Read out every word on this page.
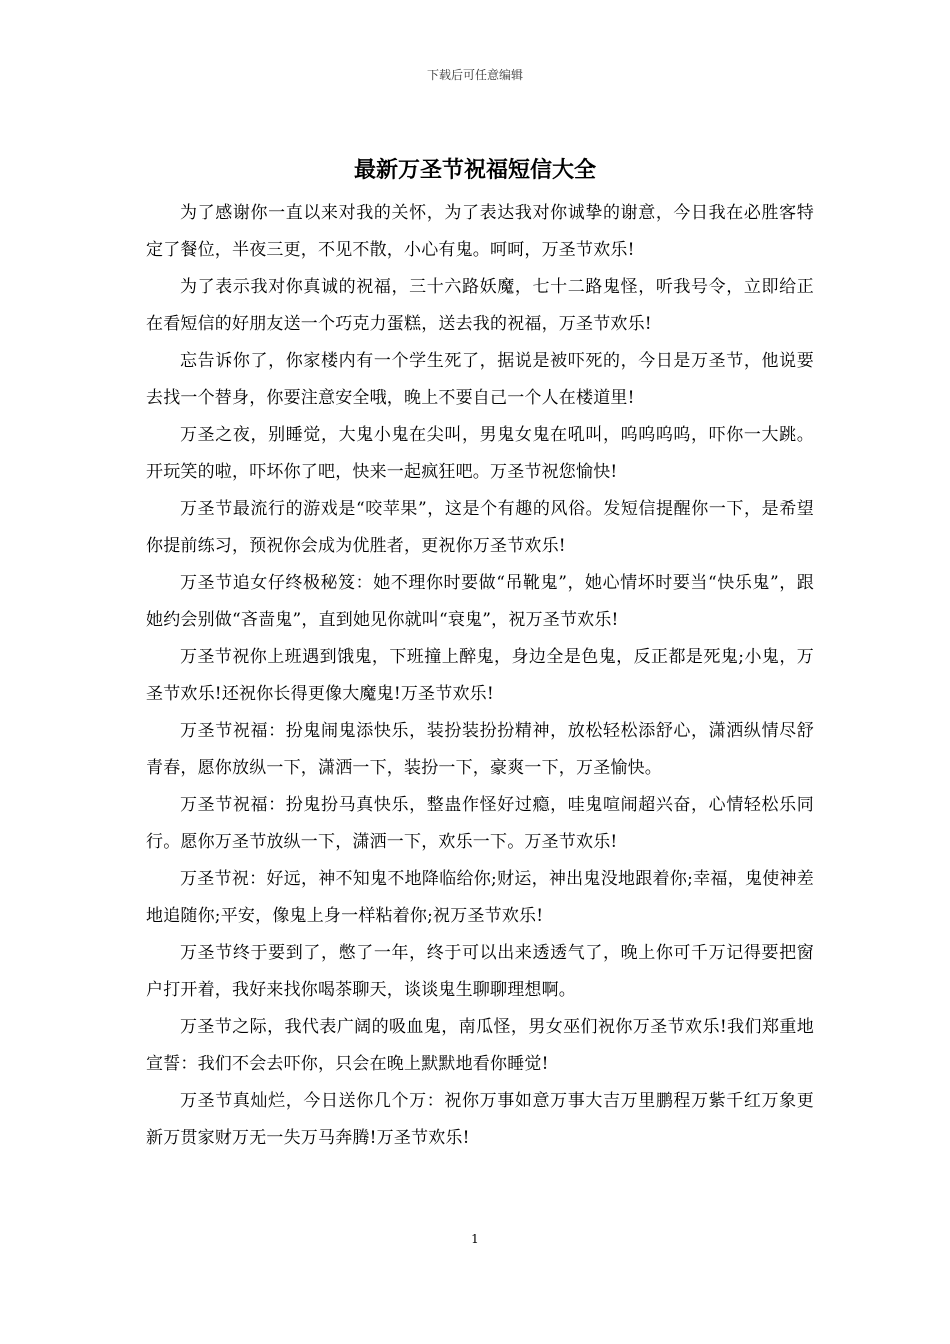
下载后可任意编辑
最新万圣节祝福短信大全

为了感谢你一直以来对我的关怀，为了表达我对你诚挚的谢意，今日我在必胜客特定了餐位，半夜三更，不见不散，小心有鬼。呵呵，万圣节欢乐!

为了表示我对你真诚的祝福，三十六路妖魔，七十二路鬼怪，听我号令，立即给正在看短信的好朋友送一个巧克力蛋糕，送去我的祝福，万圣节欢乐!

忘告诉你了，你家楼内有一个学生死了，据说是被吓死的，今日是万圣节，他说要去找一个替身，你要注意安全哦，晚上不要自己一个人在楼道里!

万圣之夜，别睡觉，大鬼小鬼在尖叫，男鬼女鬼在吼叫，呜呜呜呜，吓你一大跳。开玩笑的啦，吓坏你了吧，快来一起疯狂吧。万圣节祝您愉快!

万圣节最流行的游戏是“咬苹果”，这是个有趣的风俗。发短信提醒你一下，是希望你提前练习，预祝你会成为优胜者，更祝你万圣节欢乐!

万圣节追女仔终极秘笈：她不理你时要做“吊靴鬼”，她心情坏时要当“快乐鬼”，跟她约会别做“吝啬鬼”，直到她见你就叫“衰鬼”，祝万圣节欢乐!

万圣节祝你上班遇到饿鬼，下班撞上醉鬼，身边全是色鬼，反正都是死鬼;小鬼，万圣节欢乐!还祝你长得更像大魔鬼!万圣节欢乐!

万圣节祝福：扮鬼闹鬼添快乐，装扮装扮扮精神，放松轻松添舒心，潇洒纵情尽舒青春，愿你放纵一下，潇洒一下，装扮一下，豪爽一下，万圣愉快。

万圣节祝福：扮鬼扮马真快乐，整蛊作怪好过瘾，哇鬼喧闹超兴奋，心情轻松乐同行。愿你万圣节放纵一下，潇洒一下，欢乐一下。万圣节欢乐!

万圣节祝：好远，神不知鬼不地降临给你;财运，神出鬼没地跟着你;幸福，鬼使神差地追随你;平安，像鬼上身一样粘着你;祝万圣节欢乐!

万圣节终于要到了，憋了一年，终于可以出来透透气了，晚上你可千万记得要把窗户打开着，我好来找你喝茶聊天，谈谈鬼生聊聊理想啊。

万圣节之际，我代表广阔的吸血鬼，南瓜怪，男女巫们祝你万圣节欢乐!我们郑重地宣誓：我们不会去吓你，只会在晚上默默地看你睡觉!

万圣节真灿烂，今日送你几个万：祝你万事如意万事大吉万里鹏程万紫千红万象更新万贯家财万无一失万马奔腾!万圣节欢乐!

1
